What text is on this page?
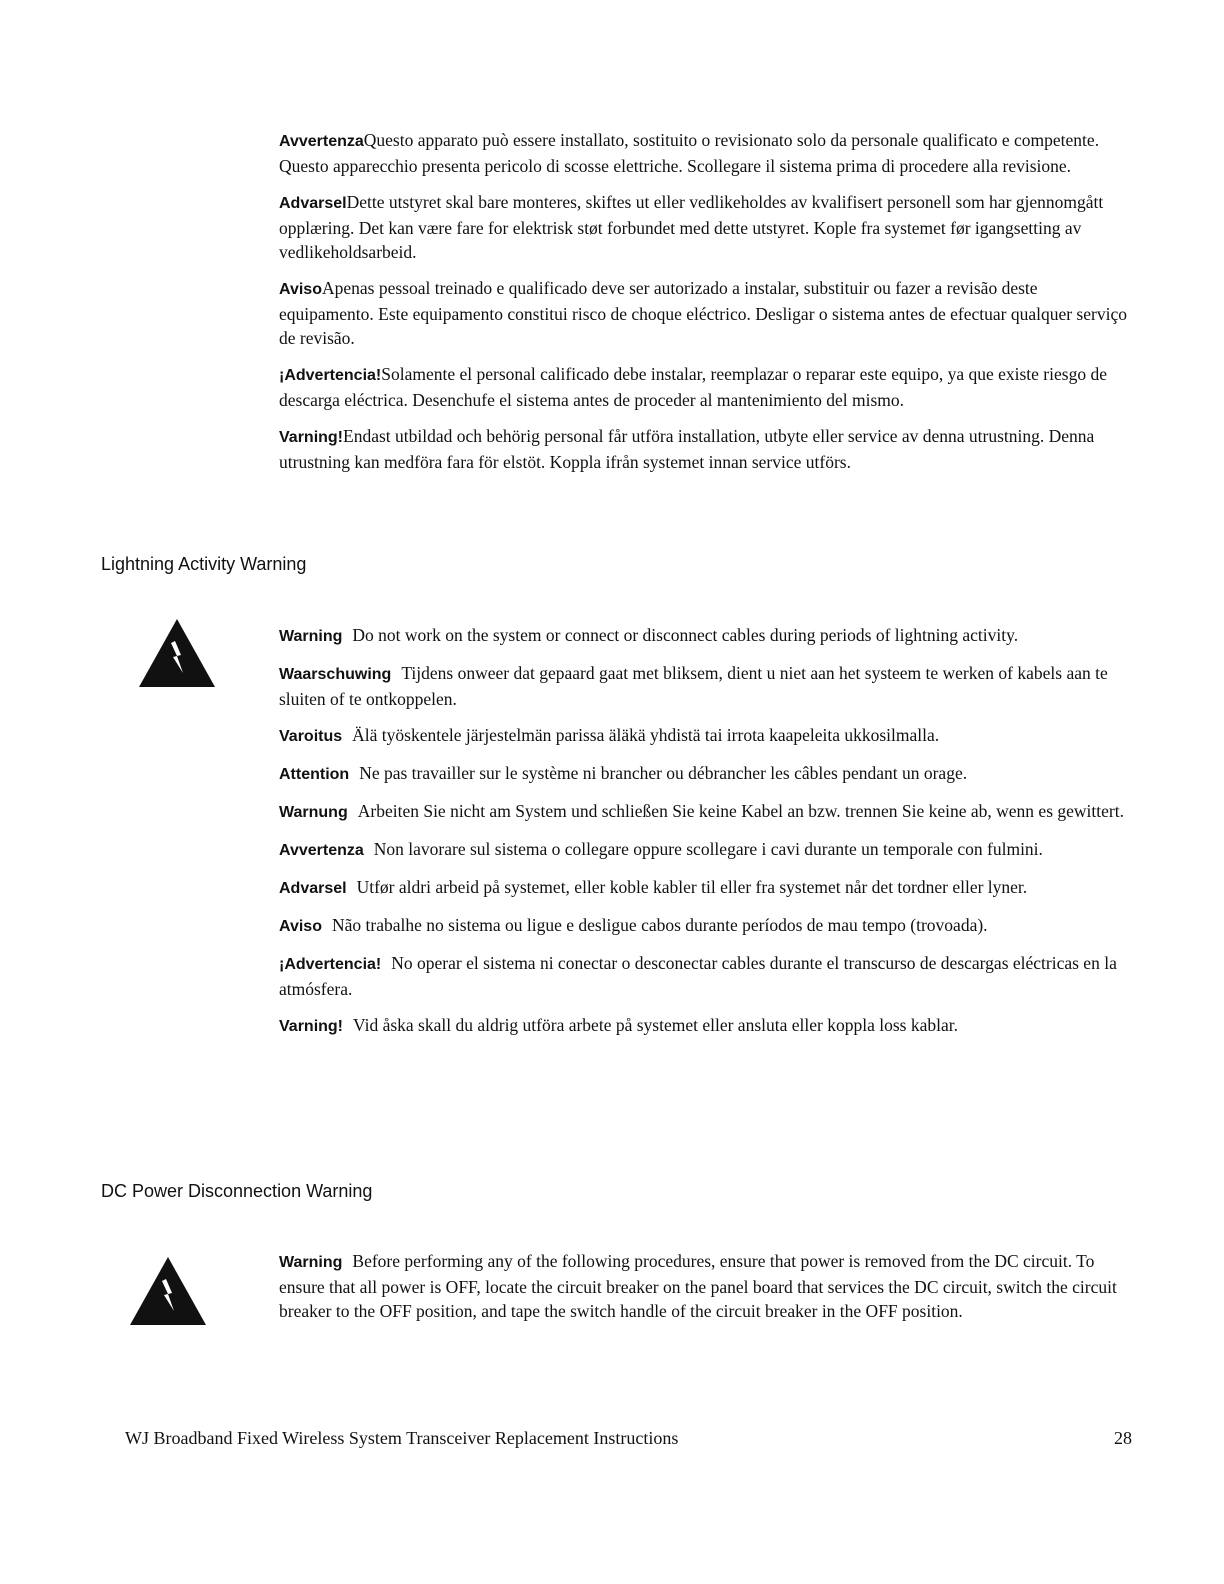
AvvertenzaQuesto apparato può essere installato, sostituito o revisionato solo da personale qualificato e competente. Questo apparecchio presenta pericolo di scosse elettriche. Scollegare il sistema prima di procedere alla revisione.

AdvarselDette utstyret skal bare monteres, skiftes ut eller vedlikeholdes av kvalifisert personell som har gjennomgått opplæring. Det kan være fare for elektrisk støt forbundet med dette utstyret. Kople fra systemet før igangsetting av vedlikeholdsarbeid.

AvisoApenas pessoal treinado e qualificado deve ser autorizado a instalar, substituir ou fazer a revisão deste equipamento. Este equipamento constitui risco de choque eléctrico. Desligar o sistema antes de efectuar qualquer serviço de revisão.

¡Advertencia!Solamente el personal calificado debe instalar, reemplazar o reparar este equipo, ya que existe riesgo de descarga eléctrica. Desenchufe el sistema antes de proceder al mantenimiento del mismo.

Varning!Endast utbildad och behörig personal får utföra installation, utbyte eller service av denna utrustning. Denna utrustning kan medföra fara för elstöt. Koppla ifrån systemet innan service utförs.

Lightning Activity Warning

Warning Do not work on the system or connect or disconnect cables during periods of lightning activity.

Waarschuwing Tijdens onweer dat gepaard gaat met bliksem, dient u niet aan het systeem te werken of kabels aan te sluiten of te ontkoppelen.

Varoitus Älä työskentele järjestelmän parissa äläkä yhdistä tai irrota kaapeleita ukkosilmalla.

Attention Ne pas travailler sur le système ni brancher ou débrancher les câbles pendant un orage.

Warnung Arbeiten Sie nicht am System und schließen Sie keine Kabel an bzw. trennen Sie keine ab, wenn es gewittert.

Avvertenza Non lavorare sul sistema o collegare oppure scollegare i cavi durante un temporale con fulmini.

Advarsel Utfør aldri arbeid på systemet, eller koble kabler til eller fra systemet når det tordner eller lyner.

Aviso Não trabalhe no sistema ou ligue e desligue cabos durante períodos de mau tempo (trovoada).

¡Advertencia! No operar el sistema ni conectar o desconectar cables durante el transcurso de descargas eléctricas en la atmósfera.

Varning! Vid åska skall du aldrig utföra arbete på systemet eller ansluta eller koppla loss kablar.

DC Power Disconnection Warning

Warning Before performing any of the following procedures, ensure that power is removed from the DC circuit. To ensure that all power is OFF, locate the circuit breaker on the panel board that services the DC circuit, switch the circuit breaker to the OFF position, and tape the switch handle of the circuit breaker in the OFF position.

WJ Broadband Fixed Wireless System Transceiver Replacement Instructions	28
